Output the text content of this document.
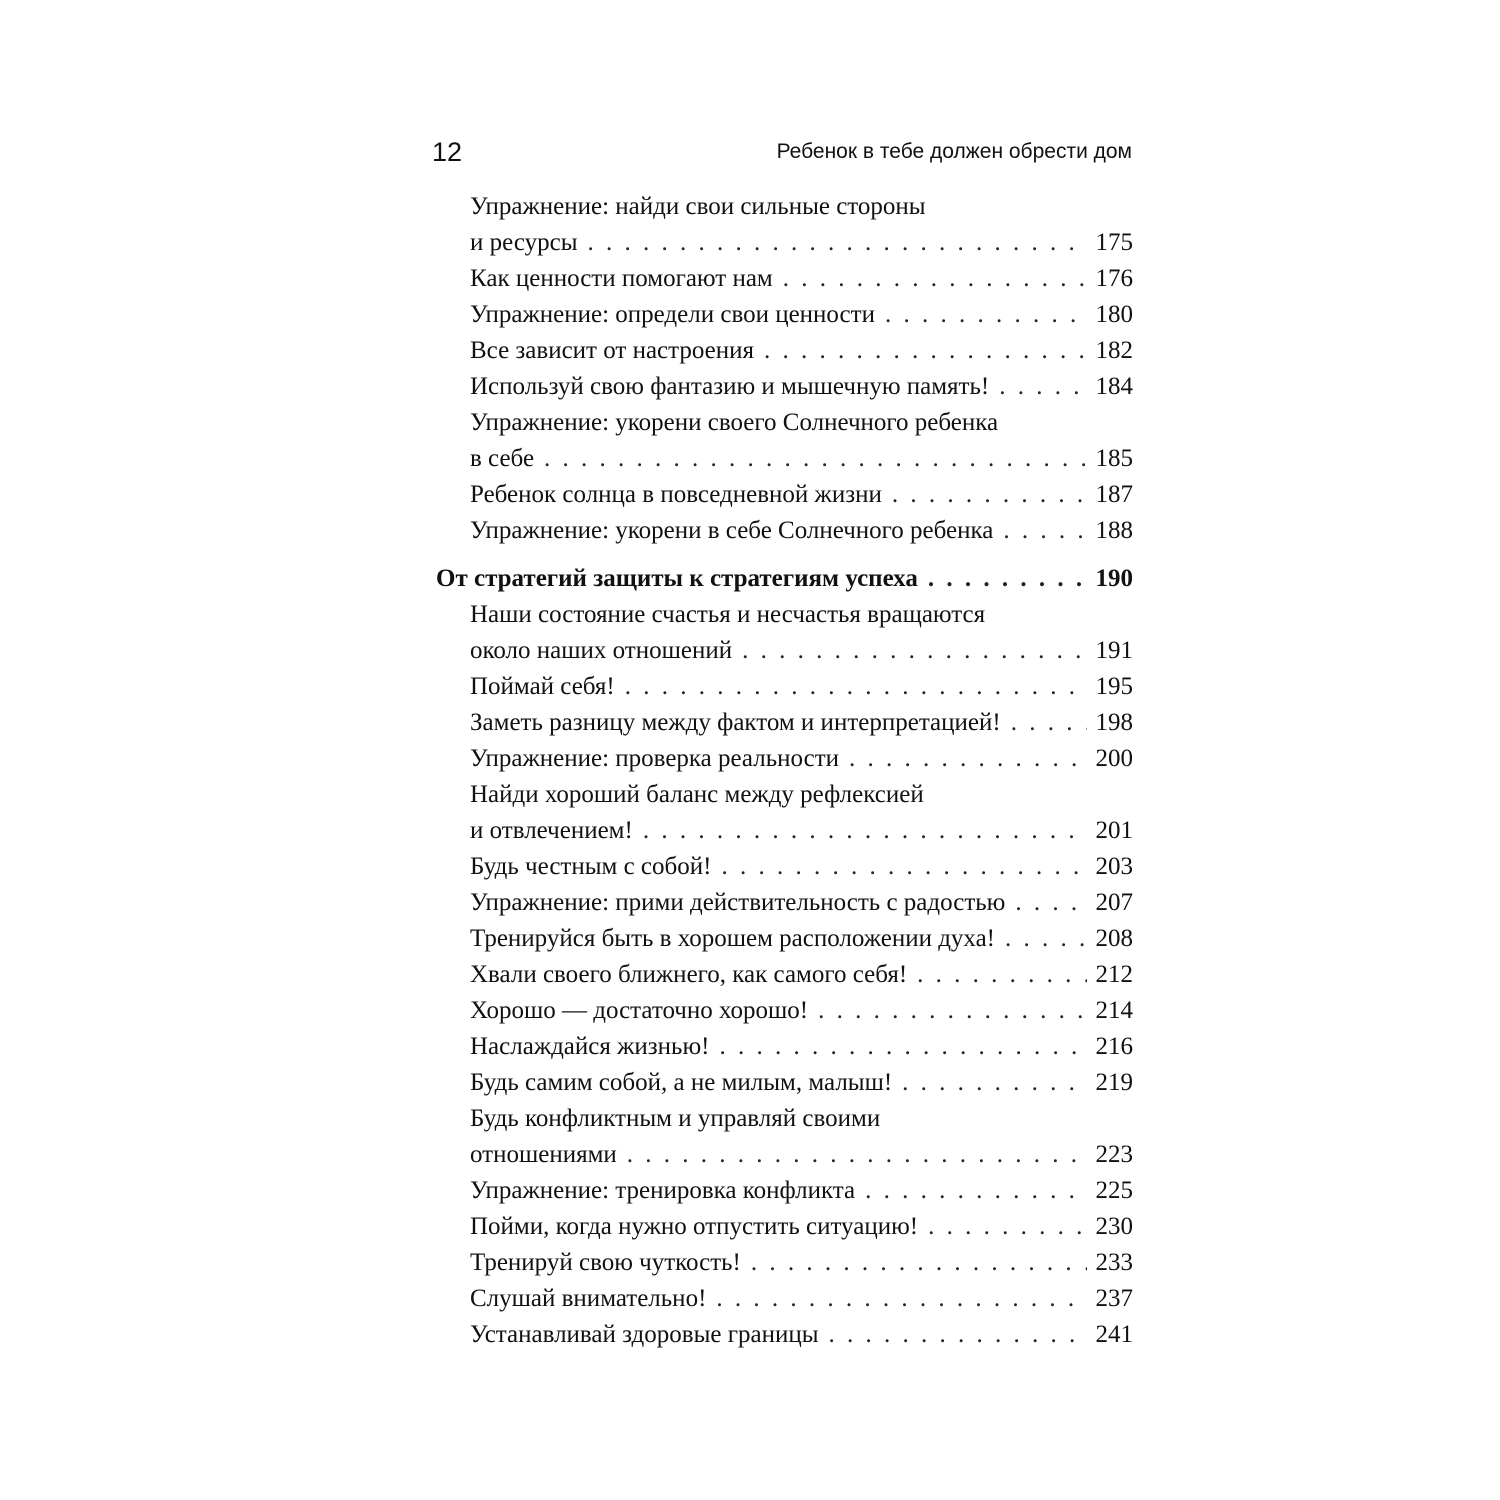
12	Ребенок в тебе должен обрести дом
Упражнение: найди свои сильные стороны
и ресурсы . . .	175
Как ценности помогают нам . . .	176
Упражнение: определи свои ценности . . .	180
Все зависит от настроения . . .	182
Используй свою фантазию и мышечную память! . . .	184
Упражнение: укорени своего Солнечного ребенка
в себе . . .	185
Ребенок солнца в повседневной жизни . . .	187
Упражнение: укорени в себе Солнечного ребенка . . .	188
От стратегий защиты к стратегиям успеха . . .	190
Наши состояние счастья и несчастья вращаются
около наших отношений . . .	191
Поймай себя! . . .	195
Заметь разницу между фактом и интерпретацией! . . .	198
Упражнение: проверка реальности . . .	200
Найди хороший баланс между рефлексией
и отвлечением! . . .	201
Будь честным с собой! . . .	203
Упражнение: прими действительность с радостью . . .	207
Тренируйся быть в хорошем расположении духа! . . .	208
Хвали своего ближнего, как самого себя! . . .	212
Хорошо — достаточно хорошо! . . .	214
Наслаждайся жизнью! . . .	216
Будь самим собой, а не милым, малыш! . . .	219
Будь конфликтным и управляй своими
отношениями . . .	223
Упражнение: тренировка конфликта . . .	225
Пойми, когда нужно отпустить ситуацию! . . .	230
Тренируй свою чуткость! . . .	233
Слушай внимательно! . . .	237
Устанавливай здоровые границы . . .	241
